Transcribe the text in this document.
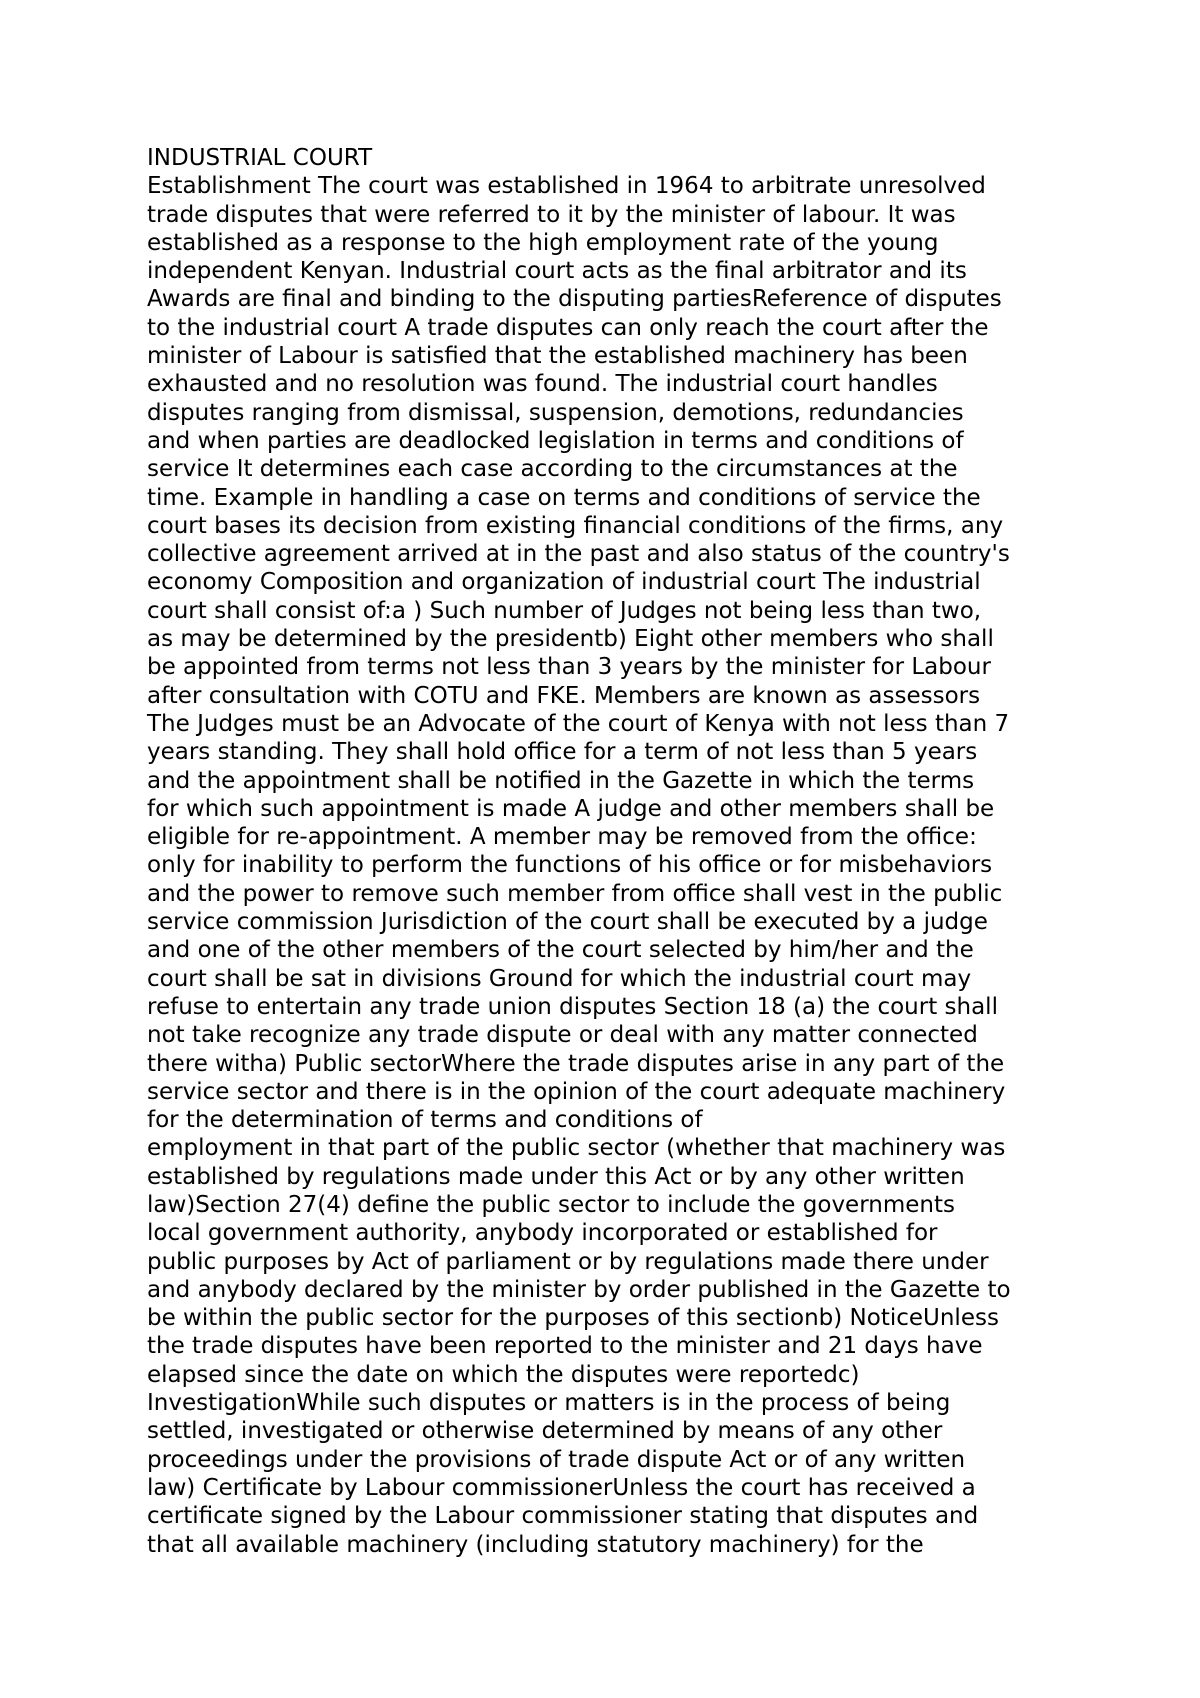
INDUSTRIAL COURT
Establishment The court was established in 1964 to arbitrate unresolved
trade disputes that were referred to it by the minister of labour. It was
established as a response to the high employment rate of the young
independent Kenyan. Industrial court acts as the final arbitrator and its
Awards are final and binding to the disputing partiesReference of disputes
to the industrial court A trade disputes can only reach the court after the
minister of Labour is satisfied that the established machinery has been
exhausted and no resolution was found. The industrial court handles
disputes ranging from dismissal, suspension, demotions, redundancies
and when parties are deadlocked legislation in terms and conditions of
service It determines each case according to the circumstances at the
time. Example in handling a case on terms and conditions of service the
court bases its decision from existing financial conditions of the firms, any
collective agreement arrived at in the past and also status of the country's
economy Composition and organization of industrial court The industrial
court shall consist of:a ) Such number of Judges not being less than two,
as may be determined by the presidentb) Eight other members who shall
be appointed from terms not less than 3 years by the minister for Labour
after consultation with COTU and FKE. Members are known as assessors
The Judges must be an Advocate of the court of Kenya with not less than 7
years standing. They shall hold office for a term of not less than 5 years
and the appointment shall be notified in the Gazette in which the terms
for which such appointment is made A judge and other members shall be
eligible for re-appointment. A member may be removed from the office:
only for inability to perform the functions of his office or for misbehaviors
and the power to remove such member from office shall vest in the public
service commission Jurisdiction of the court shall be executed by a judge
and one of the other members of the court selected by him/her and the
court shall be sat in divisions Ground for which the industrial court may
refuse to entertain any trade union disputes Section 18 (a) the court shall
not take recognize any trade dispute or deal with any matter connected
there witha) Public sectorWhere the trade disputes arise in any part of the
service sector and there is in the opinion of the court adequate machinery
for the determination of terms and conditions of
employment in that part of the public sector (whether that machinery was
established by regulations made under this Act or by any other written
law)Section 27(4) define the public sector to include the governments
local government authority, anybody incorporated or established for
public purposes by Act of parliament or by regulations made there under
and anybody declared by the minister by order published in the Gazette to
be within the public sector for the purposes of this sectionb) NoticeUnless
the trade disputes have been reported to the minister and 21 days have
elapsed since the date on which the disputes were reportedc)
InvestigationWhile such disputes or matters is in the process of being
settled, investigated or otherwise determined by means of any other
proceedings under the provisions of trade dispute Act or of any written
law) Certificate by Labour commissionerUnless the court has received a
certificate signed by the Labour commissioner stating that disputes and
that all available machinery (including statutory machinery) for the
